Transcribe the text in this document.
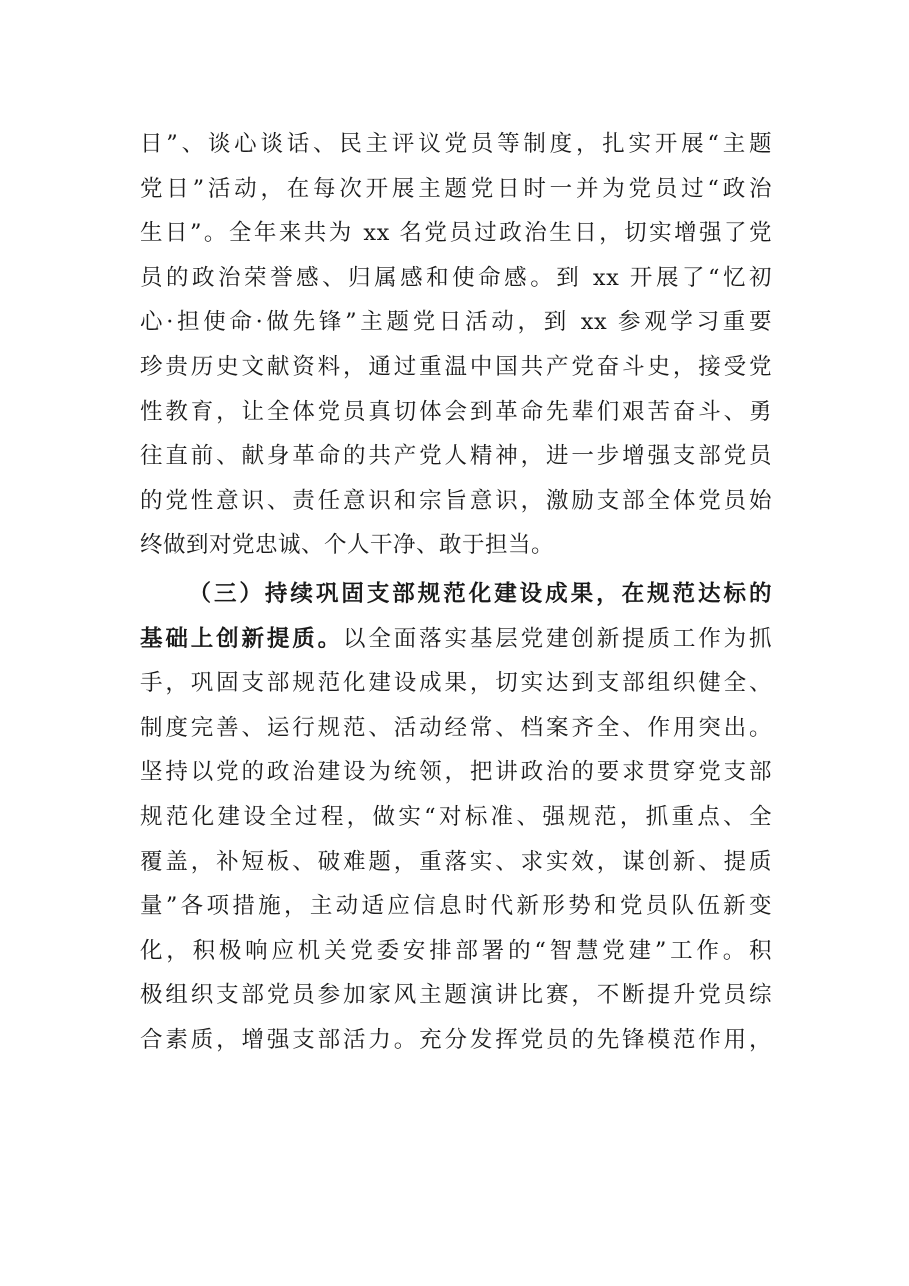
日”、谈心谈话、民主评议党员等制度，扎实开展“主题
党日”活动，在每次开展主题党日时一并为党员过“政治
生日”。全年来共为 xx 名党员过政治生日，切实增强了党
员的政治荣誉感、归属感和使命感。到 xx 开展了“忆初
心·担使命·做先锋”主题党日活动，到 xx 参观学习重要
珍贵历史文献资料，通过重温中国共产党奋斗史，接受党
性教育，让全体党员真切体会到革命先辈们艰苦奋斗、勇
往直前、献身革命的共产党人精神，进一步增强支部党员
的党性意识、责任意识和宗旨意识，激励支部全体党员始
终做到对党忠诚、个人干净、敢于担当。
（三）持续巩固支部规范化建设成果，在规范达标的
基础上创新提质。以全面落实基层党建创新提质工作为抓
手，巩固支部规范化建设成果，切实达到支部组织健全、
制度完善、运行规范、活动经常、档案齐全、作用突出。
坚持以党的政治建设为统领，把讲政治的要求贯穿党支部
规范化建设全过程，做实“对标准、强规范，抓重点、全
覆盖，补短板、破难题，重落实、求实效，谋创新、提质
量”各项措施，主动适应信息时代新形势和党员队伍新变
化，积极响应机关党委安排部署的“智慧党建”工作。积
极组织支部党员参加家风主题演讲比赛，不断提升党员综
合素质，增强支部活力。充分发挥党员的先锋模范作用，
